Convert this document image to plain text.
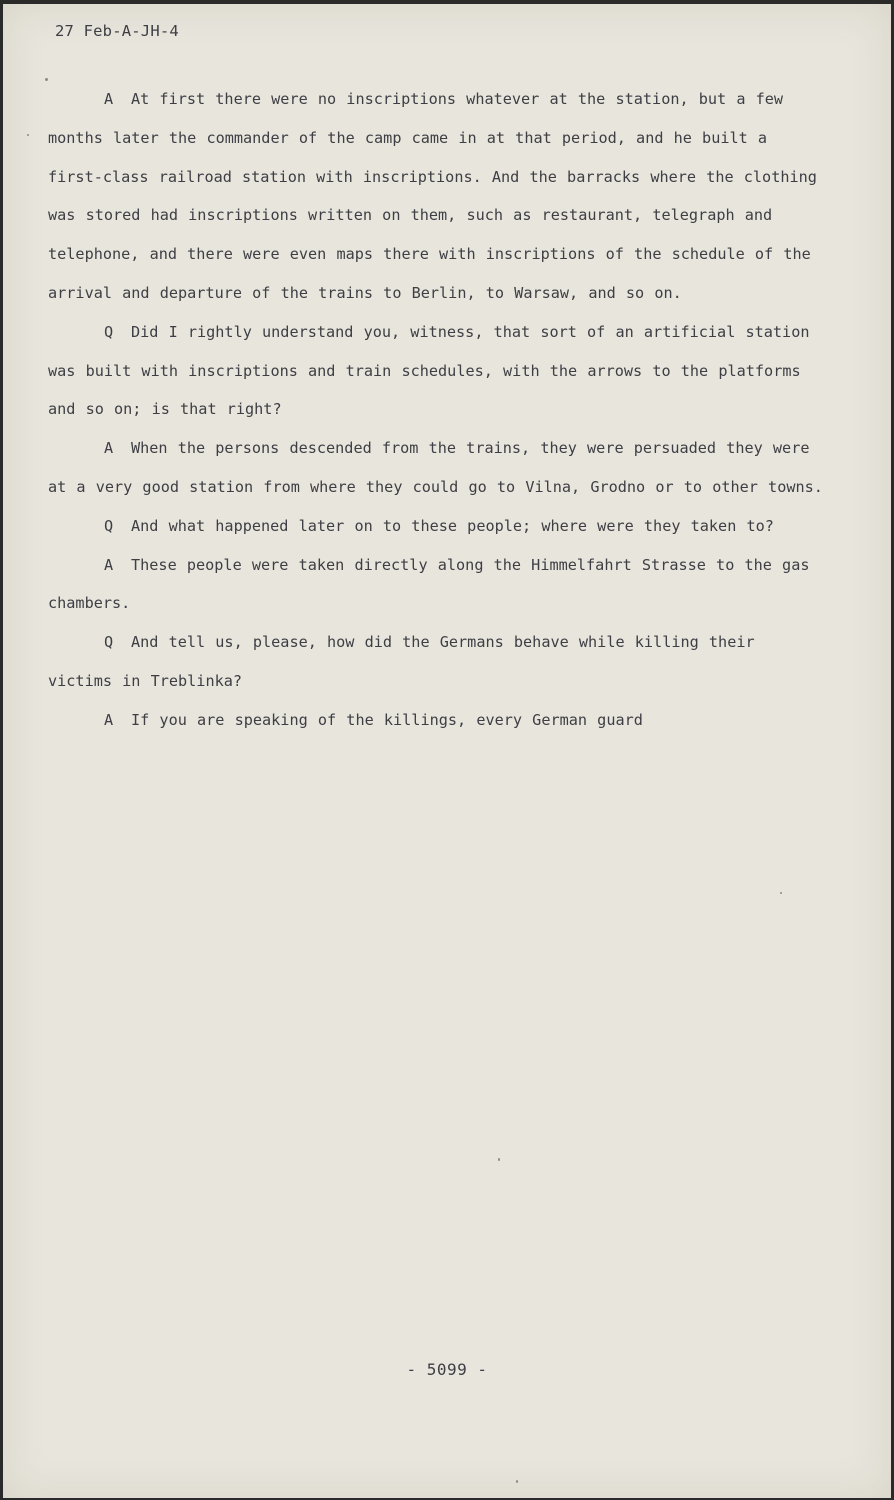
27 Feb-A-JH-4

A At first there were no inscriptions whatever at the station, but a few months later the commander of the camp came in at that period, and he built a first-class railroad station with inscriptions. And the barracks where the clothing was stored had inscriptions written on them, such as restaurant, telegraph and telephone, and there were even maps there with inscriptions of the schedule of the arrival and departure of the trains to Berlin, to Warsaw, and so on.

Q Did I rightly understand you, witness, that sort of an artificial station was built with inscriptions and train schedules, with the arrows to the platforms and so on; is that right?

A When the persons descended from the trains, they were persuaded they were at a very good station from where they could go to Vilna, Grodno or to other towns.

Q And what happened later on to these people; where were they taken to?

A These people were taken directly along the Himmelfahrt Strasse to the gas chambers.

Q And tell us, please, how did the Germans behave while killing their victims in Treblinka?

A If you are speaking of the killings, every German guard

- 5099 -
